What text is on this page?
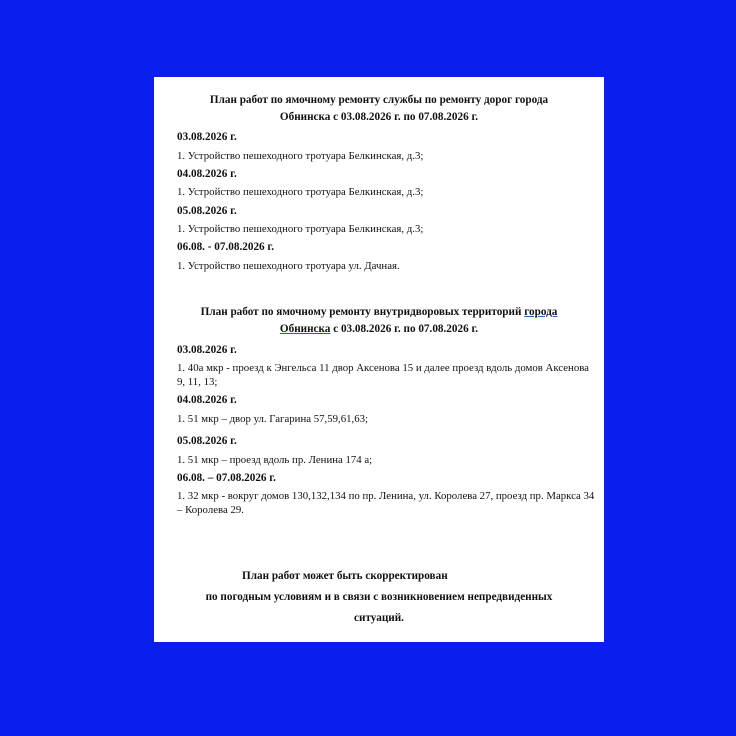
План работ по ямочному ремонту службы по ремонту дорог города
Обнинска с 03.08.2026 г. по 07.08.2026 г.
03.08.2026 г.
1. Устройство пешеходного тротуара Белкинская, д.3;
04.08.2026 г.
1. Устройство пешеходного тротуара Белкинская, д.3;
05.08.2026 г.
1. Устройство пешеходного тротуара Белкинская, д.3;
06.08. - 07.08.2026 г.
1. Устройство пешеходного тротуара ул. Дачная.
План работ по ямочному ремонту внутридворовых территорий города
Обнинска с 03.08.2026 г. по 07.08.2026 г.
03.08.2026 г.
1. 40а мкр - проезд к Энгельса 11 двор Аксенова 15 и далее проезд вдоль домов Аксенова 9, 11, 13;
04.08.2026 г.
1. 51 мкр – двор ул. Гагарина 57,59,61,63;
05.08.2026 г.
1. 51 мкр – проезд вдоль пр. Ленина 174 а;
06.08. – 07.08.2026 г.
1. 32 мкр - вокруг домов 130,132,134 по пр. Ленина, ул. Королева 27, проезд пр. Маркса 34 – Королева 29.
План работ может быть скорректирован
по погодным условиям и в связи с возникновением непредвиденных
ситуаций.
